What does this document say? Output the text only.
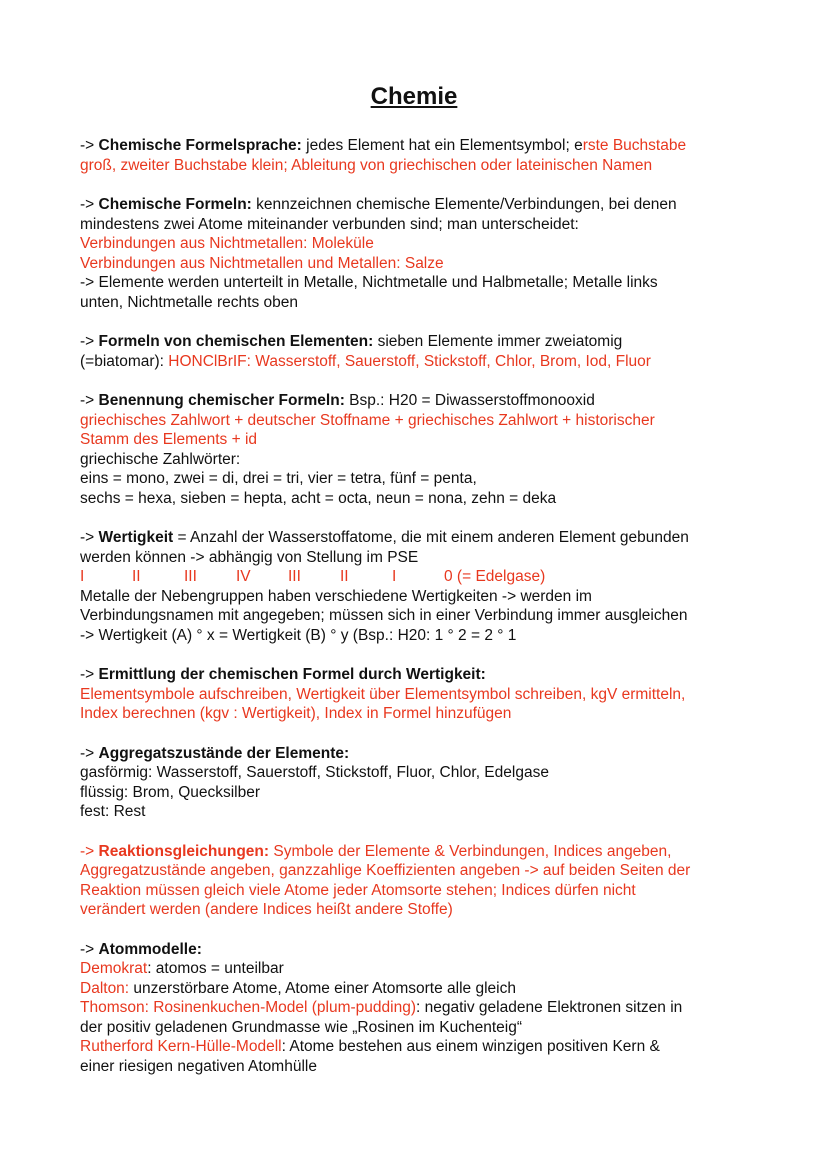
Chemie
-> Chemische Formelsprache: jedes Element hat ein Elementsymbol; erste Buchstabe
groß, zweiter Buchstabe klein; Ableitung von griechischen oder lateinischen Namen
-> Chemische Formeln: kennzeichnen chemische Elemente/Verbindungen, bei denen
mindestens zwei Atome miteinander verbunden sind; man unterscheidet:
Verbindungen aus Nichtmetallen: Moleküle
Verbindungen aus Nichtmetallen und Metallen: Salze
-> Elemente werden unterteilt in Metalle, Nichtmetalle und Halbmetalle; Metalle links
unten, Nichtmetalle rechts oben
-> Formeln von chemischen Elementen: sieben Elemente immer zweiatomig
(=biatomar): HONClBrIF: Wasserstoff, Sauerstoff, Stickstoff, Chlor, Brom, Iod, Fluor
-> Benennung chemischer Formeln: Bsp.: H20 = Diwasserstoffmonooxid
griechisches Zahlwort + deutscher Stoffname + griechisches Zahlwort + historischer
Stamm des Elements + id
griechische Zahlwörter:
eins = mono, zwei = di, drei = tri, vier = tetra, fünf = penta,
sechs = hexa, sieben = hepta, acht = octa, neun = nona, zehn = deka
-> Wertigkeit = Anzahl der Wasserstoffatome, die mit einem anderen Element gebunden
werden können -> abhängig von Stellung im PSE
I	II	III	IV III	II	I	0 (= Edelgase)
Metalle der Nebengruppen haben verschiedene Wertigkeiten -> werden im
Verbindungsnamen mit angegeben; müssen sich in einer Verbindung immer ausgleichen
-> Wertigkeit (A) ° x = Wertigkeit (B) ° y (Bsp.: H20: 1 ° 2 = 2 ° 1
-> Ermittlung der chemischen Formel durch Wertigkeit:
Elementsymbole aufschreiben, Wertigkeit über Elementsymbol schreiben, kgV ermitteln,
Index berechnen (kgv : Wertigkeit), Index in Formel hinzufügen
-> Aggregatszustände der Elemente:
gasförmig: Wasserstoff, Sauerstoff, Stickstoff, Fluor, Chlor, Edelgase
flüssig: Brom, Quecksilber
fest: Rest
-> Reaktionsgleichungen: Symbole der Elemente & Verbindungen, Indices angeben,
Aggregatzustände angeben, ganzzahlige Koeffizienten angeben -> auf beiden Seiten der
Reaktion müssen gleich viele Atome jeder Atomsorte stehen; Indices dürfen nicht
verändert werden (andere Indices heißt andere Stoffe)
-> Atommodelle:
Demokrat: atomos = unteilbar
Dalton: unzerstörbare Atome, Atome einer Atomsorte alle gleich
Thomson: Rosinenkuchen-Model (plum-pudding): negativ geladene Elektronen sitzen in
der positiv geladenen Grundmasse wie „Rosinen im Kuchenteig“
Rutherford Kern-Hülle-Modell: Atome bestehen aus einem winzigen positiven Kern &
einer riesigen negativen Atomhülle
